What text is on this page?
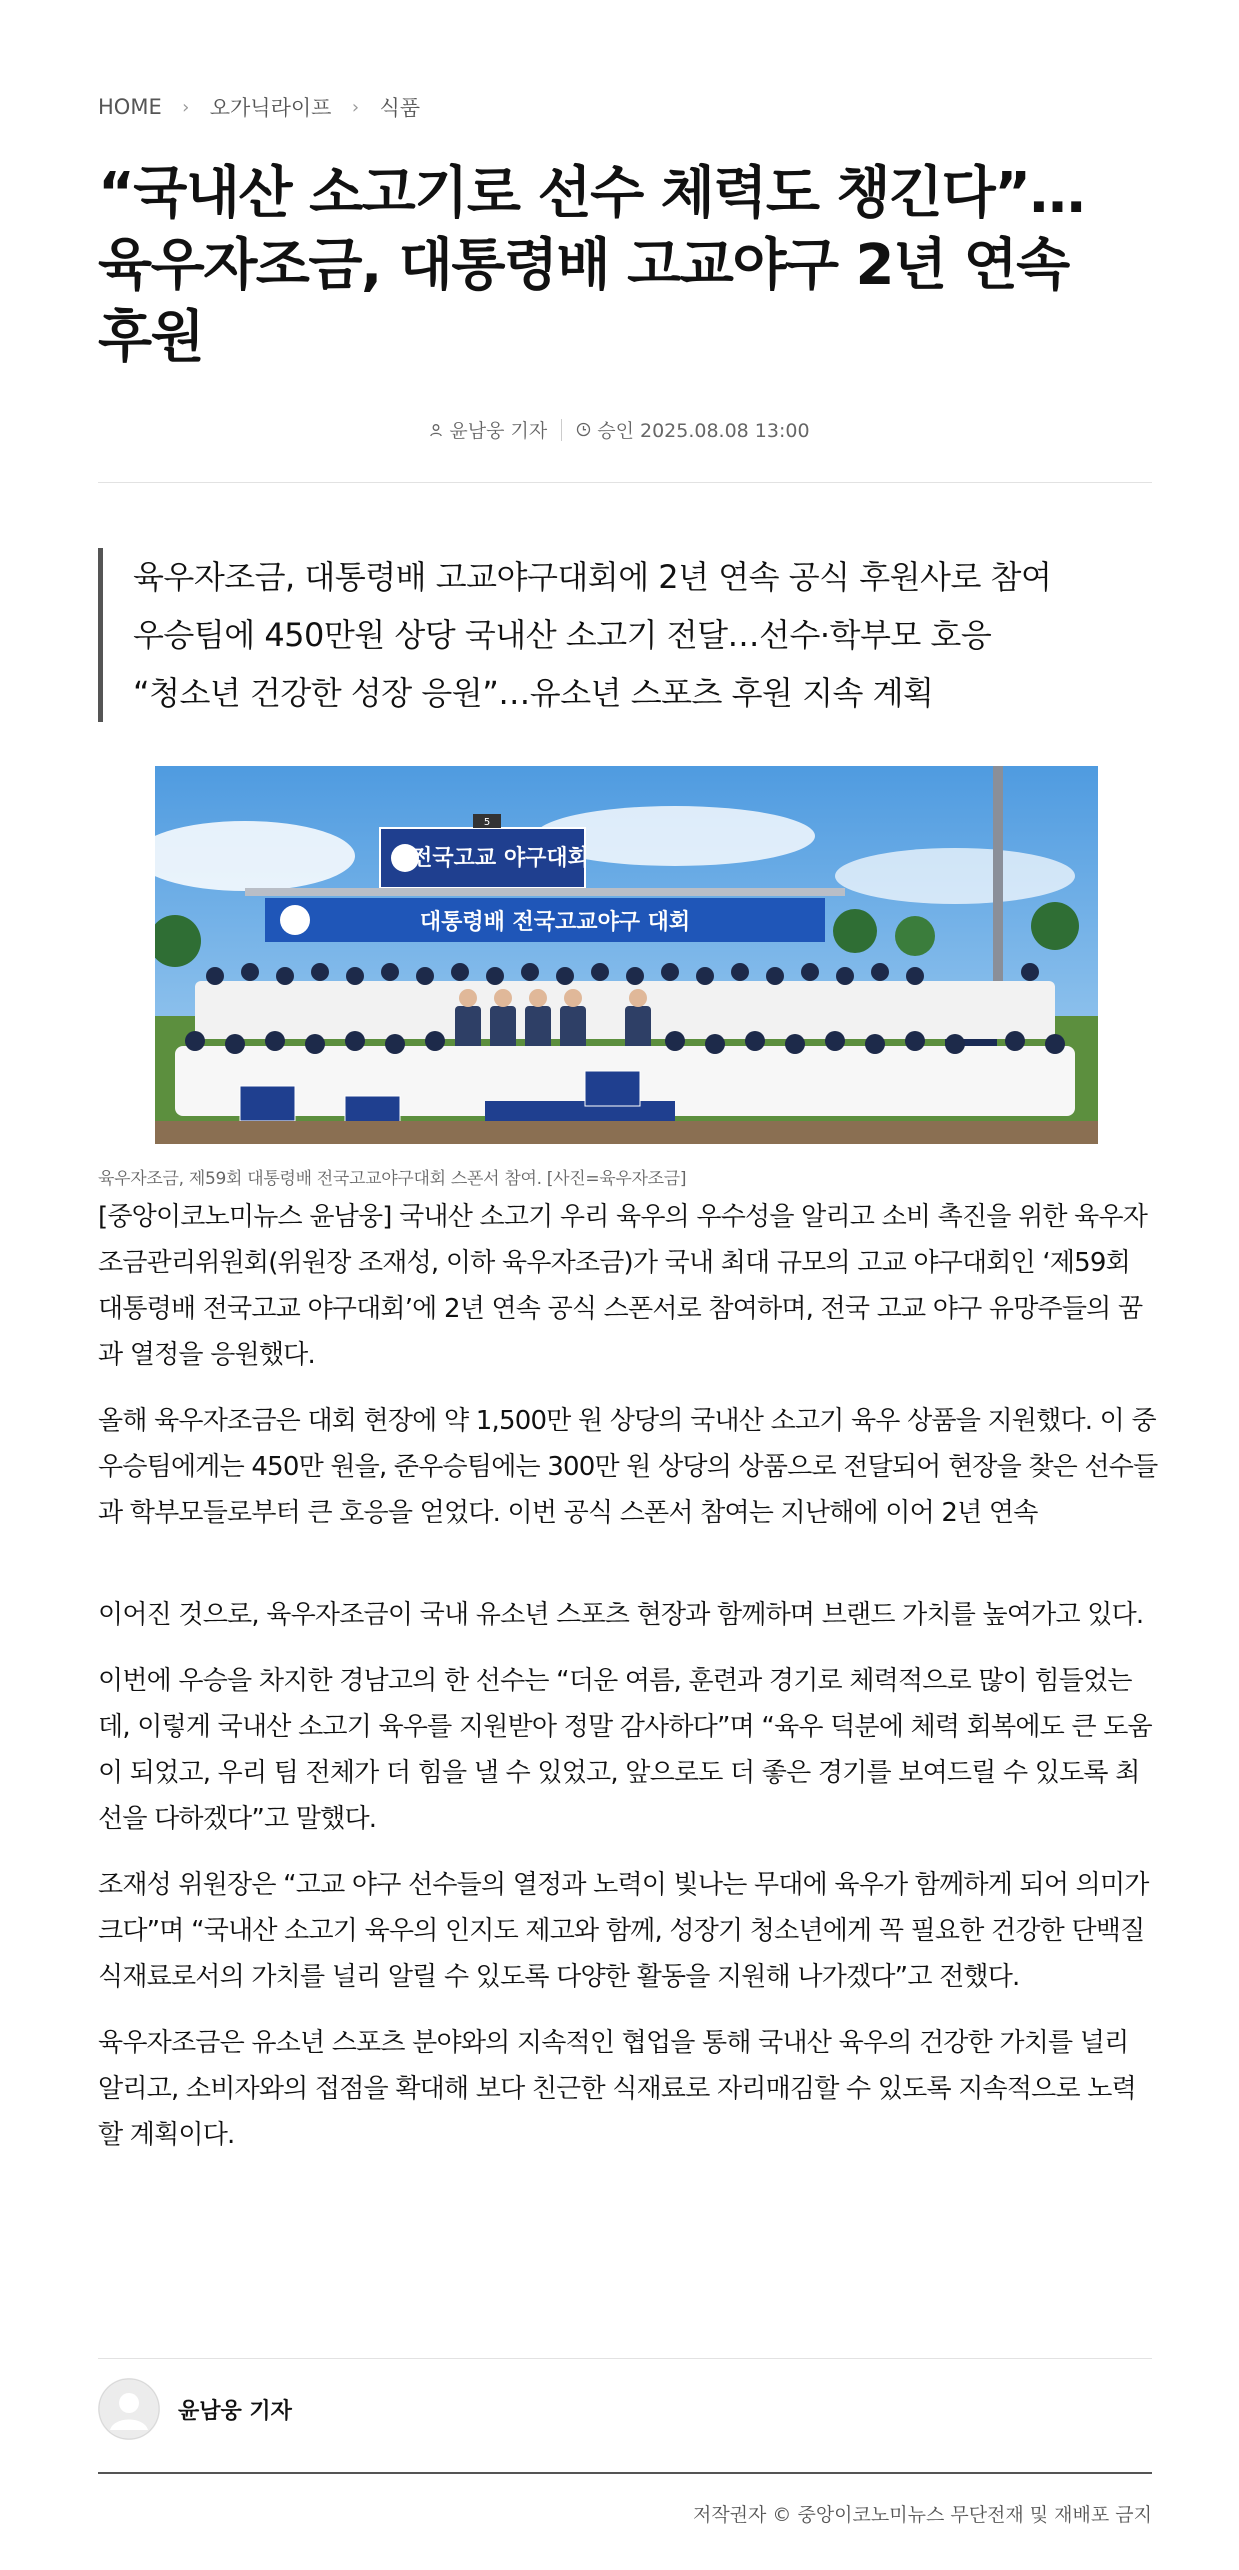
HOME	› 오가닉라이프	› 식품
“국내산 소고기로 선수 체력도 챙긴다”…
육우자조금, 대통령배 고교야구 2년 연속
후원
윤남웅 기자	승인 2025.08.08 13:00
육우자조금, 대통령배 고교야구대회에 2년 연속 공식 후원사로 참여
우승팀에 450만원 상당 국내산 소고기 전달…선수·학부모 호응
“청소년 건강한 성장 응원”…유소년 스포츠 후원 지속 계획
5
전국고교 야구대회
대통령배 전국고교야구 대회
육우자조금, 제59회 대통령배 전국고교야구대회 스폰서 참여. [사진=육우자조금]

[중앙이코노미뉴스 윤남웅] 국내산 소고기 우리 육우의 우수성을 알리고 소비 촉진을 위한 육우자조금관리위원회(위원장 조재성, 이하 육우자조금)가 국내 최대 규모의 고교 야구대회인 ‘제59회 대통령배 전국고교 야구대회’에 2년 연속 공식 스폰서로 참여하며, 전국 고교 야구 유망주들의 꿈과 열정을 응원했다.

올해 육우자조금은 대회 현장에 약 1,500만 원 상당의 국내산 소고기 육우 상품을 지원했다. 이 중 우승팀에게는 450만 원을, 준우승팀에는 300만 원 상당의 상품으로 전달되어 현장을 찾은 선수들과 학부모들로부터 큰 호응을 얻었다. 이번 공식 스폰서 참여는 지난해에 이어 2년 연속

이어진 것으로, 육우자조금이 국내 유소년 스포츠 현장과 함께하며 브랜드 가치를 높여가고 있다.

이번에 우승을 차지한 경남고의 한 선수는 “더운 여름, 훈련과 경기로 체력적으로 많이 힘들었는데, 이렇게 국내산 소고기 육우를 지원받아 정말 감사하다”며 “육우 덕분에 체력 회복에도 큰 도움이 되었고, 우리 팀 전체가 더 힘을 낼 수 있었고, 앞으로도 더 좋은 경기를 보여드릴 수 있도록 최선을 다하겠다”고 말했다.

조재성 위원장은 “고교 야구 선수들의 열정과 노력이 빛나는 무대에 육우가 함께하게 되어 의미가 크다”며 “국내산 소고기 육우의 인지도 제고와 함께, 성장기 청소년에게 꼭 필요한 건강한 단백질 식재료로서의 가치를 널리 알릴 수 있도록 다양한 활동을 지원해 나가겠다”고 전했다.

육우자조금은 유소년 스포츠 분야와의 지속적인 협업을 통해 국내산 육우의 건강한 가치를 널리 알리고, 소비자와의 접점을 확대해 보다 친근한 식재료로 자리매김할 수 있도록 지속적으로 노력할 계획이다.

윤남웅 기자
저작권자 © 중앙이코노미뉴스 무단전재 및 재배포 금지
